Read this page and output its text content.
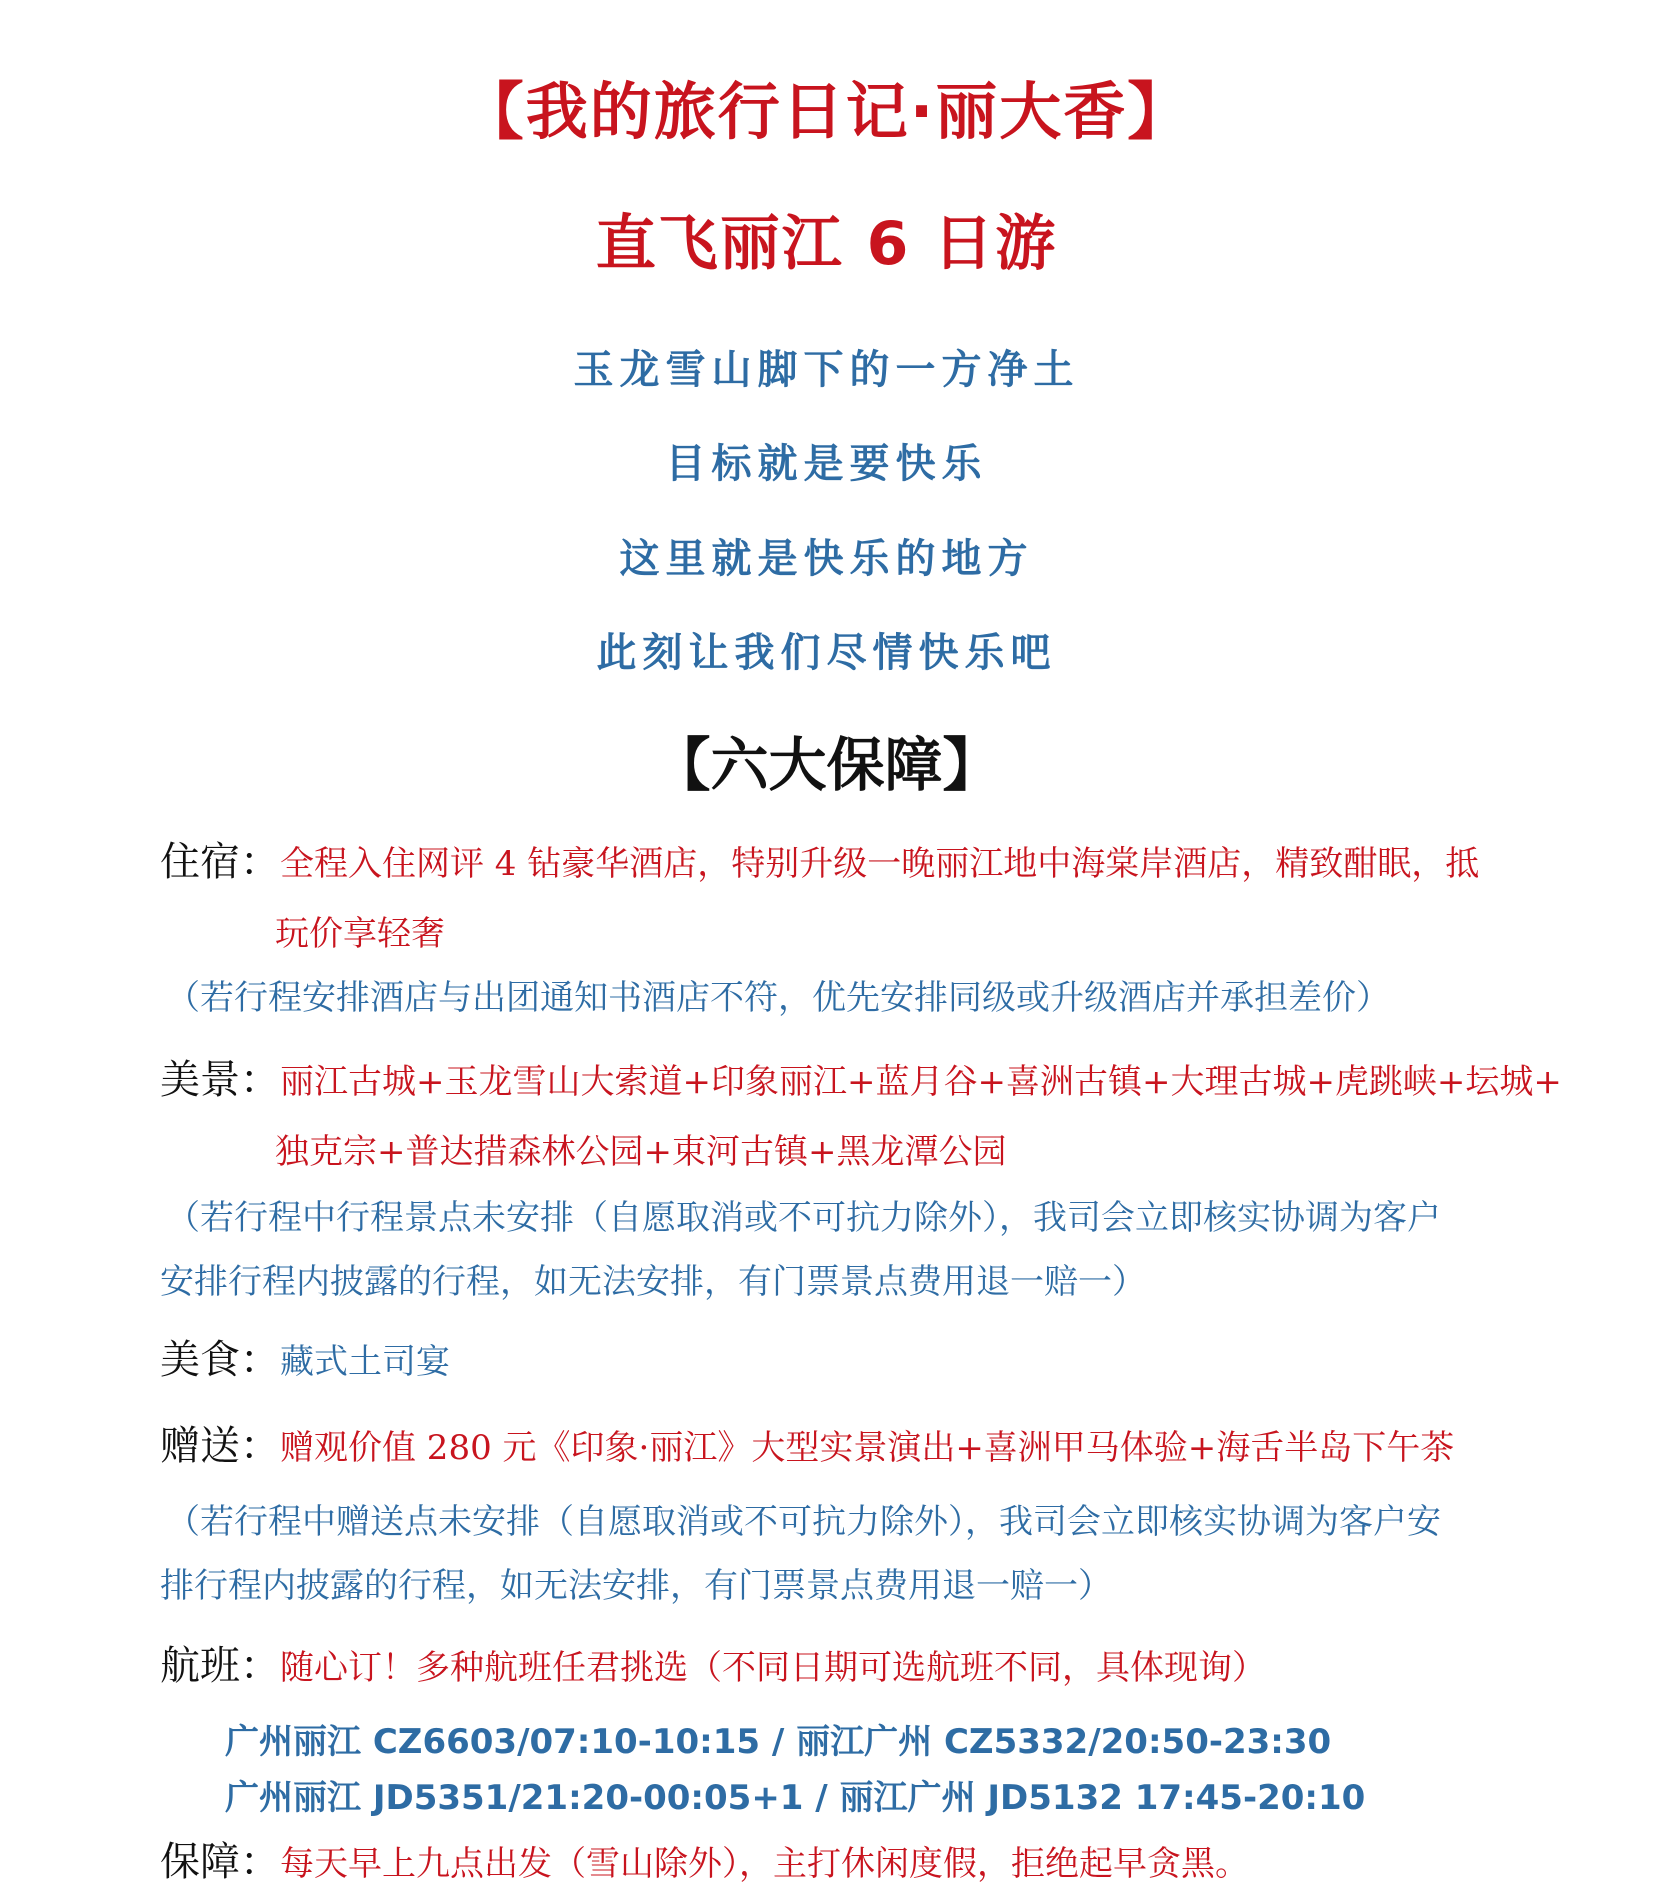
【我的旅行日记·丽大香】
直飞丽江 6 日游
玉龙雪山脚下的一方净土
目标就是要快乐
这里就是快乐的地方
此刻让我们尽情快乐吧
【六大保障】
住宿：全程入住网评 4 钻豪华酒店，特别升级一晚丽江地中海棠岸酒店，精致酣眠，抵
玩价享轻奢
（若行程安排酒店与出团通知书酒店不符，优先安排同级或升级酒店并承担差价）
美景：丽江古城+玉龙雪山大索道+印象丽江+蓝月谷+喜洲古镇+大理古城+虎跳峡+坛城+
独克宗+普达措森林公园+束河古镇+黑龙潭公园
（若行程中行程景点未安排（自愿取消或不可抗力除外），我司会立即核实协调为客户
安排行程内披露的行程，如无法安排，有门票景点费用退一赔一）
美食：藏式土司宴
赠送：赠观价值 280 元《印象·丽江》大型实景演出+喜洲甲马体验+海舌半岛下午茶
（若行程中赠送点未安排（自愿取消或不可抗力除外），我司会立即核实协调为客户安
排行程内披露的行程，如无法安排，有门票景点费用退一赔一）
航班：随心订！多种航班任君挑选（不同日期可选航班不同，具体现询）
广州丽江 CZ6603/07:10-10:15 / 丽江广州 CZ5332/20:50-23:30
广州丽江 JD5351/21:20-00:05+1 / 丽江广州 JD5132 17:45-20:10
保障：每天早上九点出发（雪山除外），主打休闲度假，拒绝起早贪黑。
